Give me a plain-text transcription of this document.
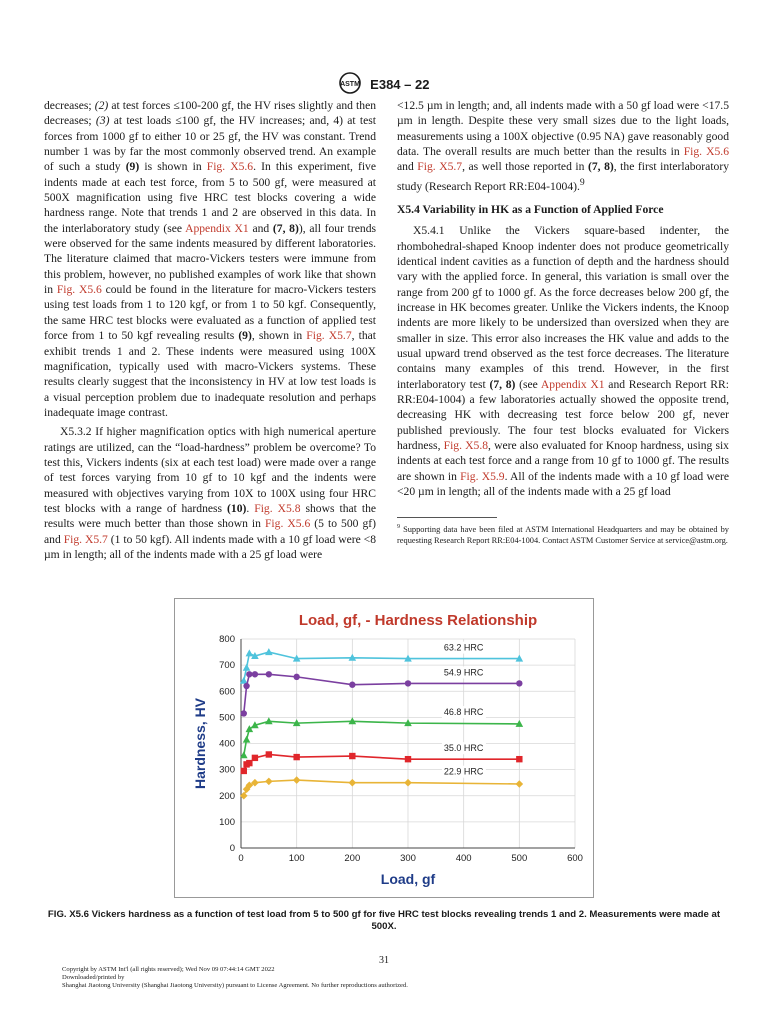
ASTM E384 – 22

decreases; (2) at test forces ≤100-200 gf, the HV rises slightly and then decreases; (3) at test loads ≤100 gf, the HV increases; and, 4) at test forces from 1000 gf to either 10 or 25 gf, the HV was constant. Trend number 1 was by far the most commonly observed trend. An example of such a study (9) is shown in Fig. X5.6. In this experiment, five indents made at each test force, from 5 to 500 gf, were measured at 500X magnification using five HRC test blocks covering a wide hardness range. Note that trends 1 and 2 are observed in this data. In the interlaboratory study (see Appendix X1 and (7, 8)), all four trends were observed for the same indents measured by different laboratories. The literature claimed that macro-Vickers testers were immune from this problem, however, no published examples of work like that shown in Fig. X5.6 could be found in the literature for macro-Vickers testers using test loads from 1 to 120 kgf, or from 1 to 50 kgf. Consequently, the same HRC test blocks were evaluated as a function of applied test force from 1 to 50 kgf revealing results (9), shown in Fig. X5.7, that exhibit trends 1 and 2. These indents were measured using 100X magnification, typically used with macro-Vickers systems. These results clearly suggest that the inconsistency in HV at low test loads is a visual perception problem due to inadequate resolution and perhaps inadequate image contrast.

X5.3.2 If higher magnification optics with high numerical aperture ratings are utilized, can the “load-hardness” problem be overcome? To test this, Vickers indents (six at each test load) were made over a range of test forces varying from 10 gf to 10 kgf and the indents were measured with objectives varying from 10X to 100X using four HRC test blocks with a range of hardness (10). Fig. X5.8 shows that the results were much better than those shown in Fig. X5.6 (5 to 500 gf) and Fig. X5.7 (1 to 50 kgf). All indents made with a 10 gf load were <8 µm in length; all of the indents made with a 25 gf load were

<12.5 µm in length; and, all indents made with a 50 gf load were <17.5 µm in length. Despite these very small sizes due to the light loads, measurements using a 100X objective (0.95 NA) gave reasonably good data. The overall results are much better than the results in Fig. X5.6 and Fig. X5.7, as well those reported in (7, 8), the first interlaboratory study (Research Report RR:E04-1004).$^9$

X5.4 Variability in HK as a Function of Applied Force

X5.4.1 Unlike the Vickers square-based indenter, the rhombohedral-shaped Knoop indenter does not produce geometrically identical indent cavities as a function of depth and the hardness should vary with the applied force. In general, this variation is small over the range from 200 gf to 1000 gf. As the force decreases below 200 gf, the increase in HK becomes greater. Unlike the Vickers indents, the Knoop indents are more likely to be undersized than oversized when they are smaller in size. This error also increases the HK value and adds to the usual upward trend observed as the test force decreases. The literature contains many examples of this trend. However, in the first interlaboratory test (7, 8) (see Appendix X1 and Research Report RR: RR:E04-1004) a few laboratories actually showed the opposite trend, decreasing HK with decreasing test force below 200 gf, never published previously. The four test blocks evaluated for Vickers hardness, Fig. X5.8, were also evaluated for Knoop hardness, using six indents at each test force and a range from 10 gf to 1000 gf. The results are shown in Fig. X5.9. All of the indents made with a 10 gf load were <20 µm in length; all of the indents made with a 25 gf load

$^9$ Supporting data have been filed at ASTM International Headquarters and may be obtained by requesting Research Report RR:E04-1004. Contact ASTM Customer Service at service@astm.org.

0
100
200
300
400
500
600
700
800
0	100	200	300	400	500	600
Load, gf, - Hardness Relationship
Load, gf
Hardness, HV
63.2 HRC
54.9 HRC
46.8 HRC
35.0 HRC
22.9 HRC
FIG. X5.6 Vickers hardness as a function of test load from 5 to 500 gf for five HRC test blocks revealing trends 1 and 2. Measurements were made at 500X.
31
Copyright by ASTM Int'l (all rights reserved); Wed Nov 09 07:44:14 GMT 2022
Downloaded/printed by
Shanghai Jiaotong University (Shanghai Jiaotong University) pursuant to License Agreement. No further reproductions authorized.
